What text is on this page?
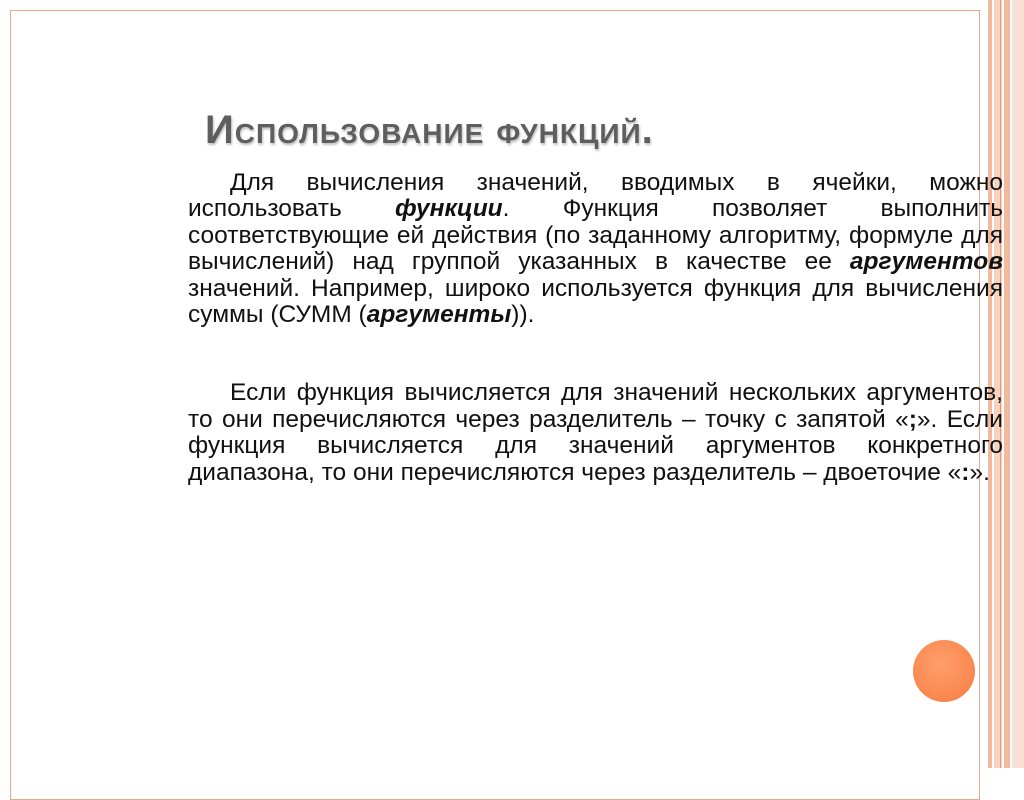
Использование функций.

Для вычисления значений, вводимых в ячейки, можно использовать функции. Функция позволяет выполнить соответствующие ей действия (по заданному алгоритму, формуле для вычислений) над группой указанных в качестве ее аргументов значений. Например, широко используется функция для вычисления суммы (СУММ (аргументы)).

Если функция вычисляется для значений нескольких аргументов, то они перечисляются через разделитель – точку с запятой «;». Если функция вычисляется для значений аргументов конкретного диапазона, то они перечисляются через разделитель – двоеточие «:».
